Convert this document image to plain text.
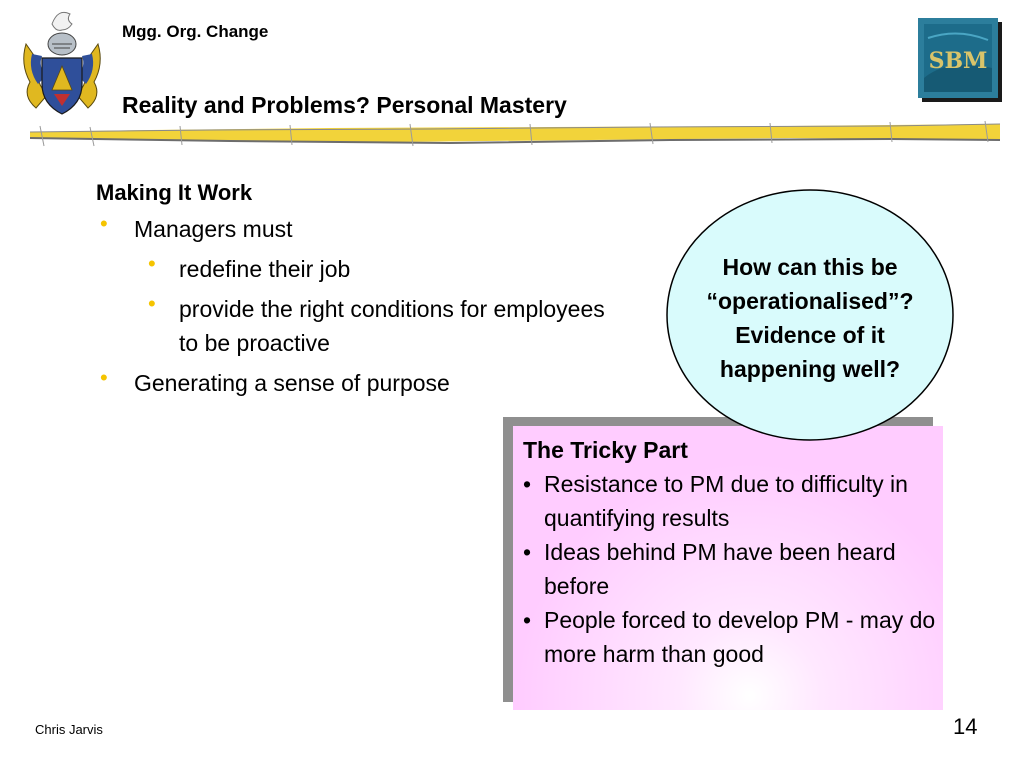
Mgg. Org. Change
Reality and Problems? Personal Mastery
SBM
Making It Work
• Managers must
• redefine their job
• provide the right conditions for employees to be proactive
• Generating a sense of purpose
The Tricky Part
• Resistance to PM due to difficulty in quantifying results
• Ideas behind PM have been heard before
• People forced to develop PM - may do more harm than good
How can this be
“operationalised”?
Evidence of it
happening well?
Chris Jarvis	14
